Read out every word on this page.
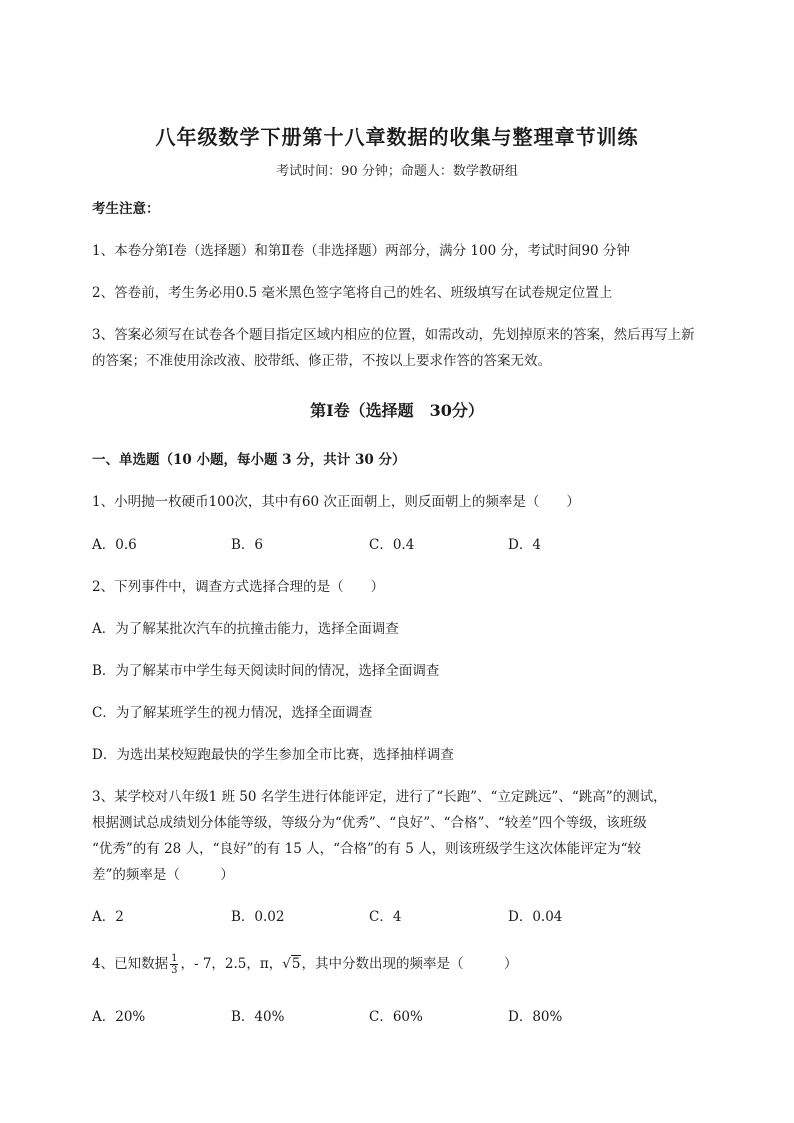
八年级数学下册第十八章数据的收集与整理章节训练
考试时间：90 分钟；命题人：数学教研组
考生注意：
1、本卷分第Ⅰ卷（选择题）和第Ⅱ卷（非选择题）两部分，满分 100 分，考试时间90 分钟
2、答卷前，考生务必用0.5 毫米黑色签字笔将自己的姓名、班级填写在试卷规定位置上
3、答案必须写在试卷各个题目指定区域内相应的位置，如需改动，先划掉原来的答案，然后再写上新
的答案；不准使用涂改液、胶带纸、修正带，不按以上要求作答的答案无效。
第Ⅰ卷（选择题　30分）
一、单选题（10 小题，每小题 3 分，共计 30 分）
1、小明抛一枚硬币100次，其中有60 次正面朝上，则反面朝上的频率是（　　）
A．0.6	B．6	C．0.4	D．4
2、下列事件中，调查方式选择合理的是（　　）
A．为了解某批次汽车的抗撞击能力，选择全面调查
B．为了解某市中学生每天阅读时间的情况，选择全面调查
C．为了解某班学生的视力情况，选择全面调查
D．为选出某校短跑最快的学生参加全市比赛，选择抽样调查
3、某学校对八年级1 班 50 名学生进行体能评定，进行了“长跑”、“立定跳远”、“跳高”的测试，
根据测试总成绩划分体能等级，等级分为“优秀”、“良好”、“合格”、“较差”四个等级，该班级
“优秀”的有 28 人，“良好”的有 15 人，“合格”的有 5 人，则该班级学生这次体能评定为“较
差”的频率是（　　　）
A．2	B．0.02	C．4	D．0.04
4、已知数据 $\frac{1}{3}$ ，- 7，2.5，π，√5，其中分数出现的频率是（　　　）
A．20%	B．40%	C．60%	D．80%
